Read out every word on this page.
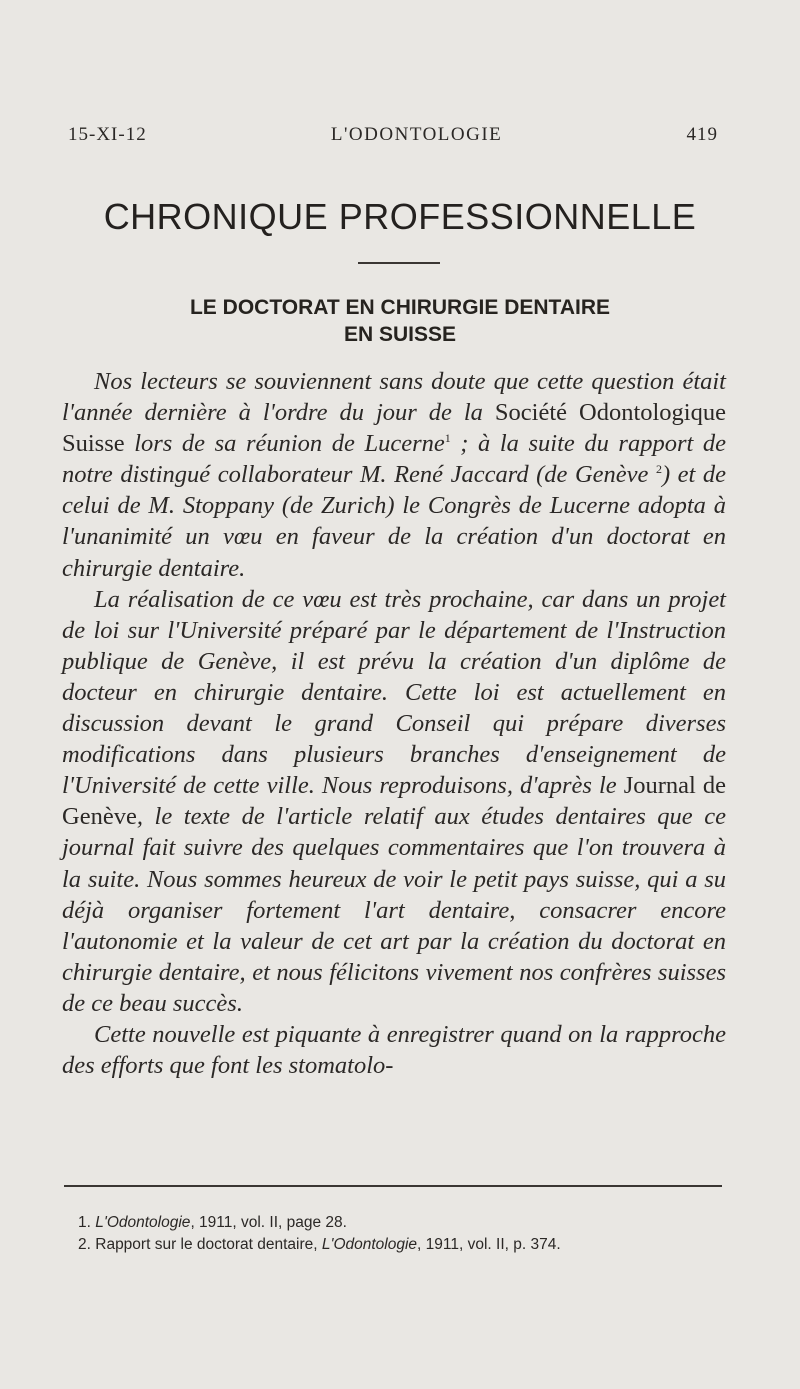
15-XI-12	L'ODONTOLOGIE	419
CHRONIQUE PROFESSIONNELLE
LE DOCTORAT EN CHIRURGIE DENTAIRE
EN SUISSE

Nos lecteurs se souviennent sans doute que cette question était l'année dernière à l'ordre du jour de la Société Odontologique Suisse lors de sa réunion de Lucerne$^1$ ; à la suite du rapport de notre distingué collaborateur M. René Jaccard (de Genève $^2$) et de celui de M. Stoppany (de Zurich) le Congrès de Lucerne adopta à l'unanimité un vœu en faveur de la création d'un doctorat en chirurgie dentaire.

La réalisation de ce vœu est très prochaine, car dans un projet de loi sur l'Université préparé par le département de l'Instruction publique de Genève, il est prévu la création d'un diplôme de docteur en chirurgie dentaire. Cette loi est actuellement en discussion devant le grand Conseil qui prépare diverses modifications dans plusieurs branches d'enseignement de l'Université de cette ville. Nous reproduisons, d'après le Journal de Genève, le texte de l'article relatif aux études dentaires que ce journal fait suivre des quelques commentaires que l'on trouvera à la suite. Nous sommes heureux de voir le petit pays suisse, qui a su déjà organiser fortement l'art dentaire, consacrer encore l'autonomie et la valeur de cet art par la création du doctorat en chirurgie dentaire, et nous félicitons vivement nos confrères suisses de ce beau succès.

Cette nouvelle est piquante à enregistrer quand on la rapproche des efforts que font les stomatolo-

1. L'Odontologie, 1911, vol. II, page 28.
2. Rapport sur le doctorat dentaire, L'Odontologie, 1911, vol. II, p. 374.
